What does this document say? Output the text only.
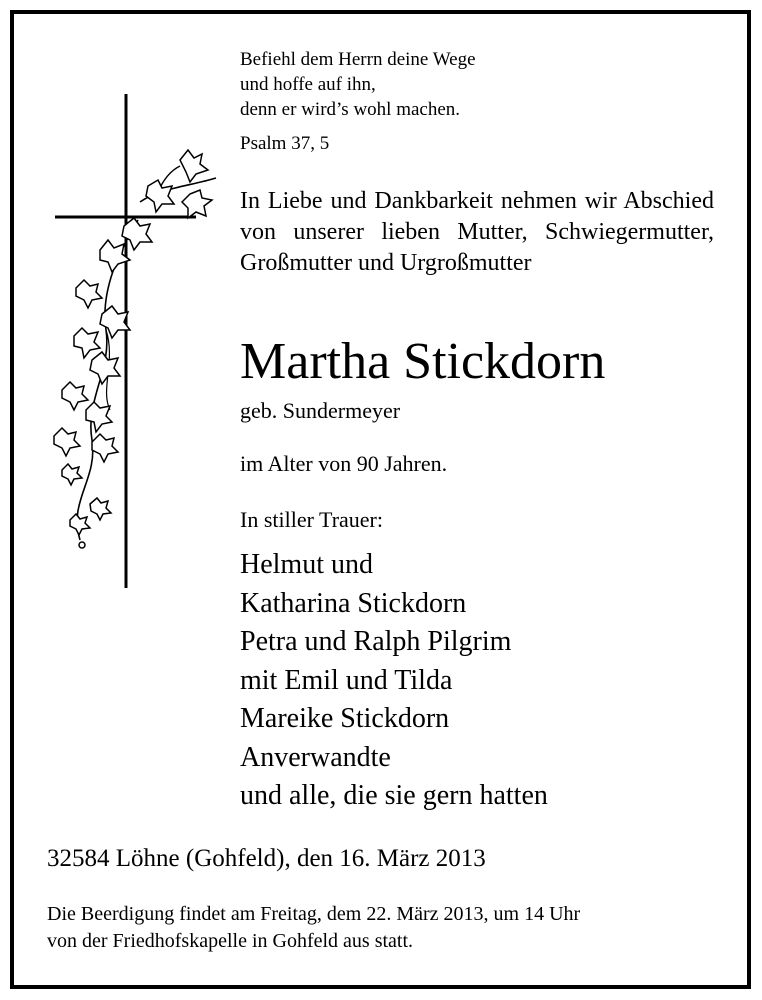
Befiehl dem Herrn deine Wege
und hoffe auf ihn,
denn er wird’s wohl machen.
Psalm 37, 5
In Liebe und Dankbarkeit nehmen wir Abschied von unserer lieben Mutter, Schwiegermutter, Großmutter und Urgroßmutter
Martha Stickdorn
geb. Sundermeyer
im Alter von 90 Jahren.
In stiller Trauer:
Helmut und
Katharina Stickdorn
Petra und Ralph Pilgrim
mit Emil und Tilda
Mareike Stickdorn
Anverwandte
und alle, die sie gern hatten
32584 Löhne (Gohfeld), den 16. März 2013
Die Beerdigung findet am Freitag, dem 22. März 2013, um 14 Uhr
von der Friedhofskapelle in Gohfeld aus statt.
